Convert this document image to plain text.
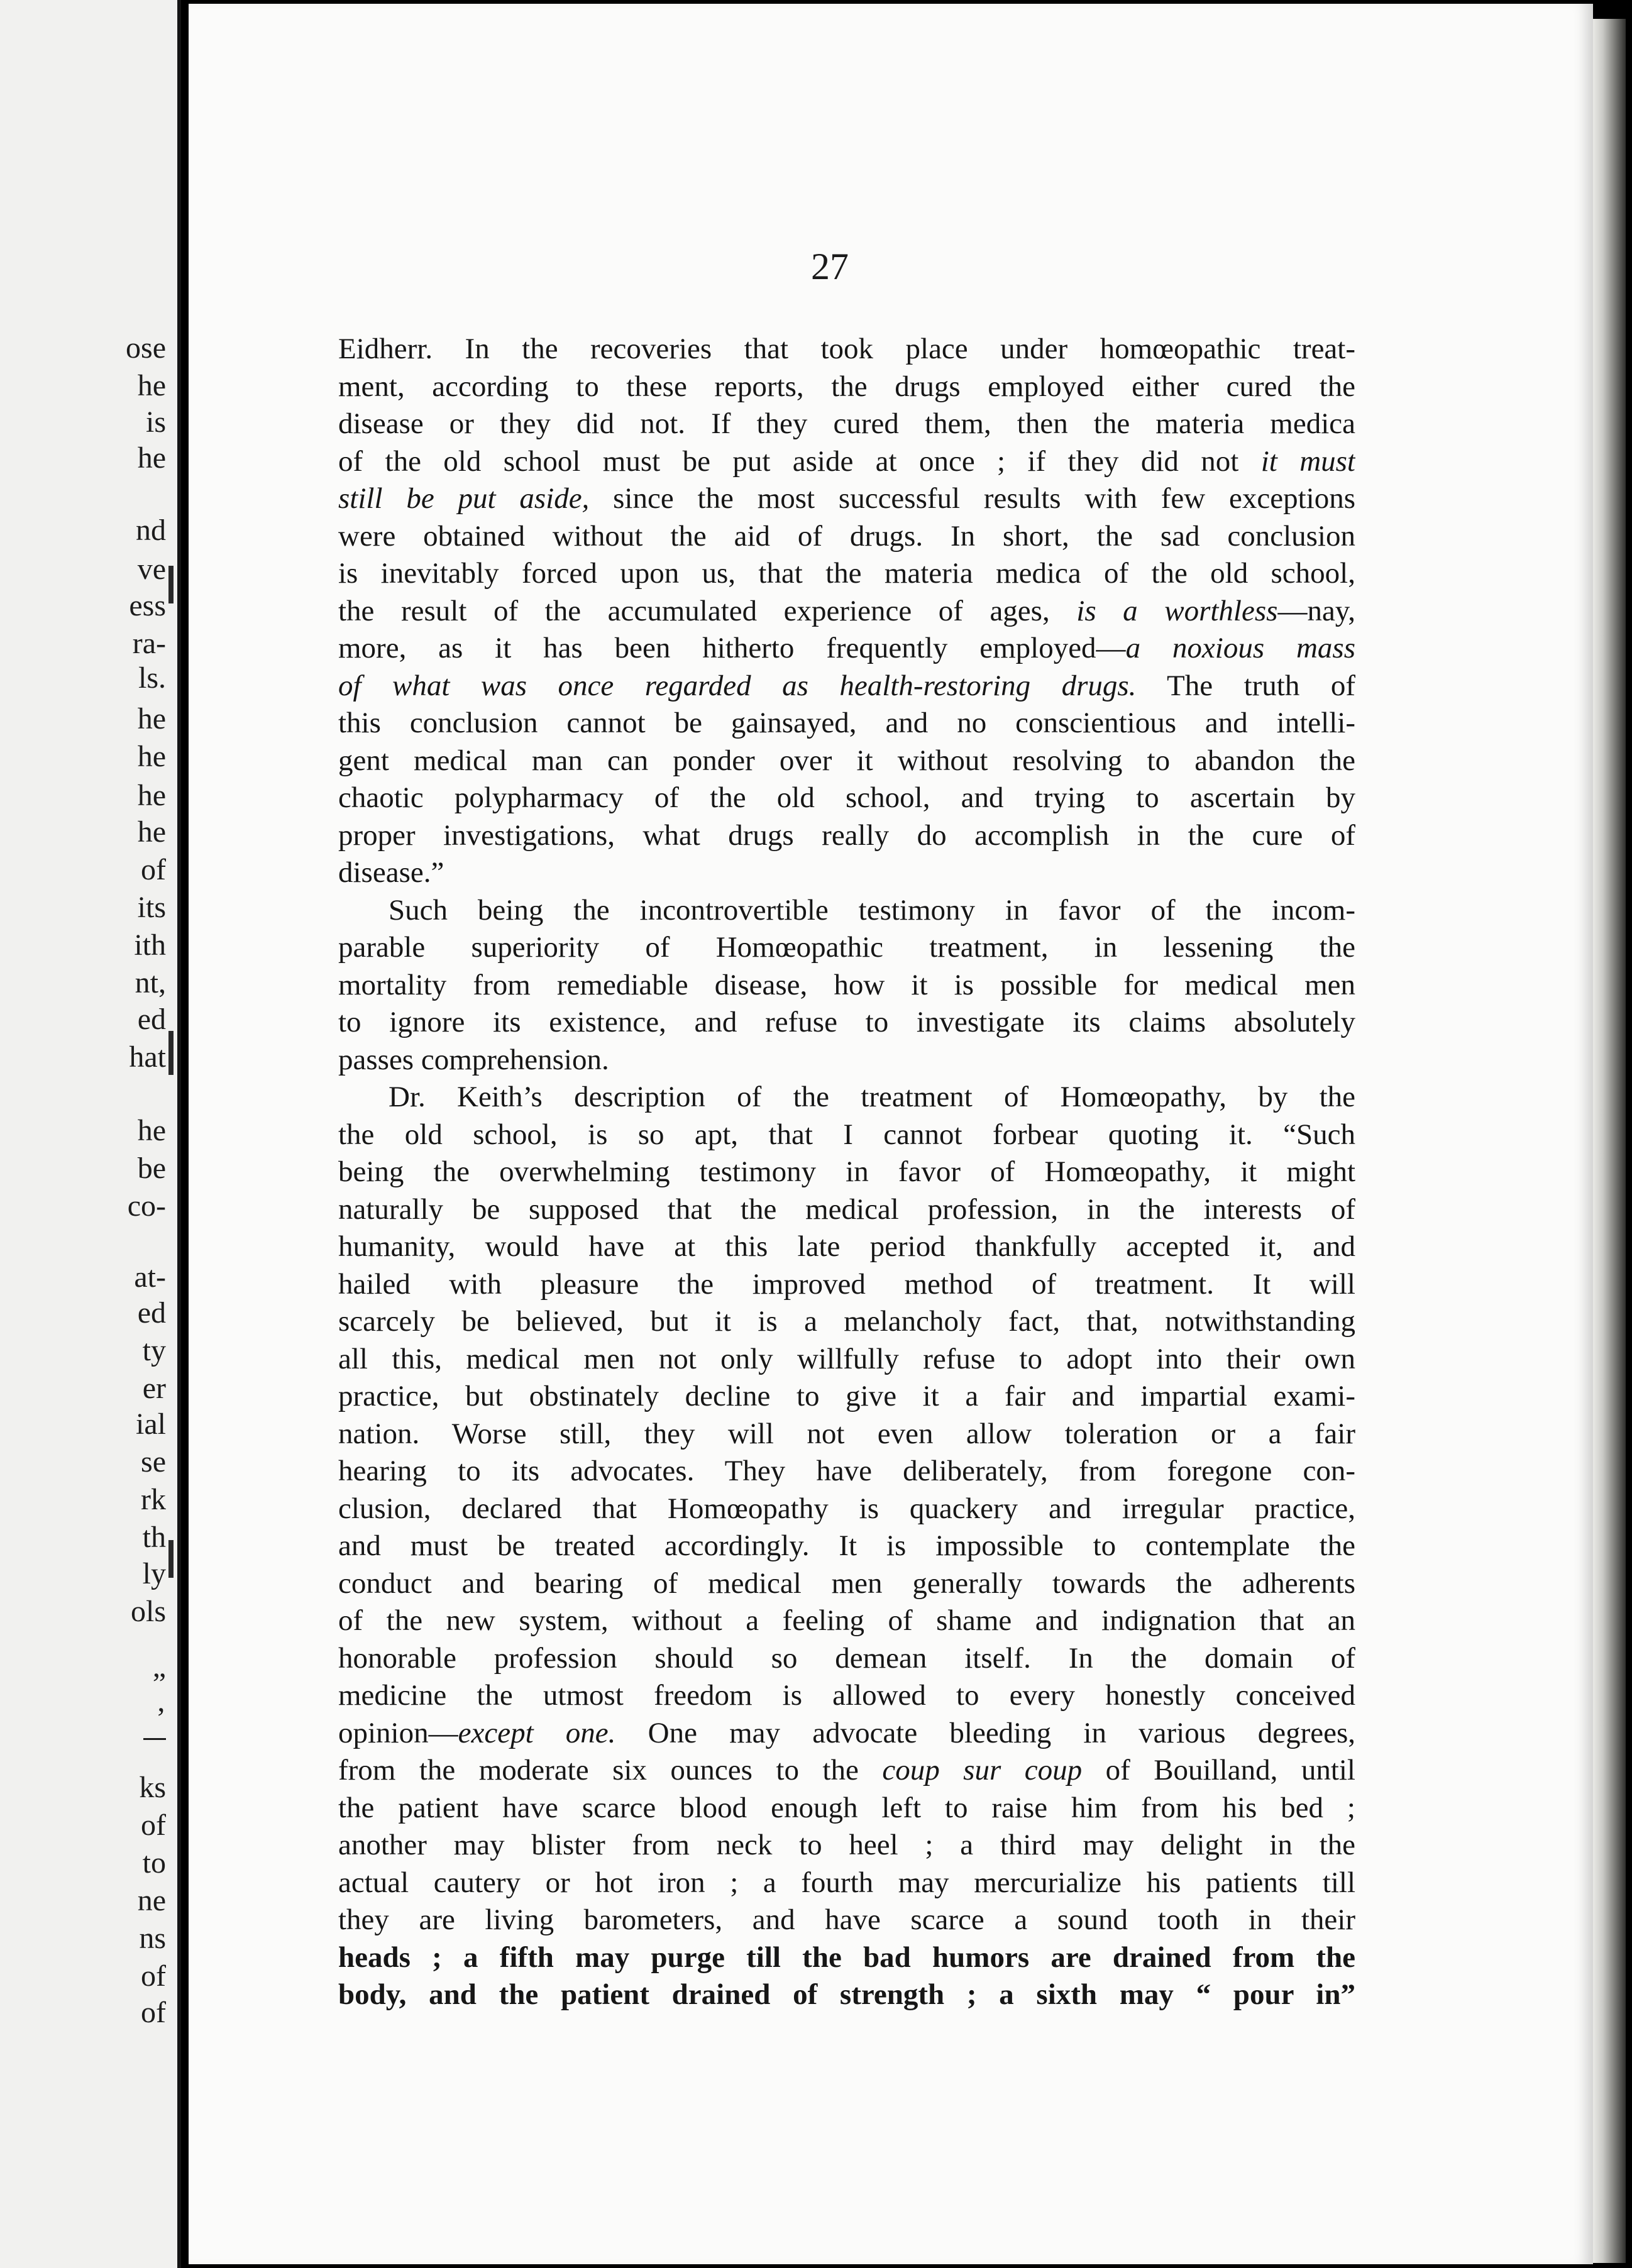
ose
he
is
he
nd
ve
ess
ra-
ls.
he
he
he
he
of
its
ith
nt,
ed
hat
he
be
co-
at-
ed
ty
er
ial
se
rk
th
ly
ols
”
’
ks
of
to
ne
ns
of
of
27
Eidherr. In the recoveries that took place under homœopathic treat-
ment, according to these reports, the drugs employed either cured the
disease or they did not. If they cured them, then the materia medica
of the old school must be put aside at once ; if they did not it must
still be put aside, since the most successful results with few exceptions
were obtained without the aid of drugs. In short, the sad conclusion
is inevitably forced upon us, that the materia medica of the old school,
the result of the accumulated experience of ages, is a worthless—nay,
more, as it has been hitherto frequently employed—a noxious mass
of what was once regarded as health-restoring drugs. The truth of
this conclusion cannot be gainsayed, and no conscientious and intelli-
gent medical man can ponder over it without resolving to abandon the
chaotic polypharmacy of the old school, and trying to ascertain by
proper investigations, what drugs really do accomplish in the cure of
disease.”
Such being the incontrovertible testimony in favor of the incom-
parable superiority of Homœopathic treatment, in lessening the
mortality from remediable disease, how it is possible for medical men
to ignore its existence, and refuse to investigate its claims absolutely
passes comprehension.
Dr. Keith’s description of the treatment of Homœopathy, by the
the old school, is so apt, that I cannot forbear quoting it. “Such
being the overwhelming testimony in favor of Homœopathy, it might
naturally be supposed that the medical profession, in the interests of
humanity, would have at this late period thankfully accepted it, and
hailed with pleasure the improved method of treatment. It will
scarcely be believed, but it is a melancholy fact, that, notwithstanding
all this, medical men not only willfully refuse to adopt into their own
practice, but obstinately decline to give it a fair and impartial exami-
nation. Worse still, they will not even allow toleration or a fair
hearing to its advocates. They have deliberately, from foregone con-
clusion, declared that Homœopathy is quackery and irregular practice,
and must be treated accordingly. It is impossible to contemplate the
conduct and bearing of medical men generally towards the adherents
of the new system, without a feeling of shame and indignation that an
honorable profession should so demean itself. In the domain of
medicine the utmost freedom is allowed to every honestly conceived
opinion—except one. One may advocate bleeding in various degrees,
from the moderate six ounces to the coup sur coup of Bouilland, until
the patient have scarce blood enough left to raise him from his bed ;
another may blister from neck to heel ; a third may delight in the
actual cautery or hot iron ; a fourth may mercurialize his patients till
they are living barometers, and have scarce a sound tooth in their
heads ; a fifth may purge till the bad humors are drained from the
body, and the patient drained of strength ; a sixth may “ pour in”
